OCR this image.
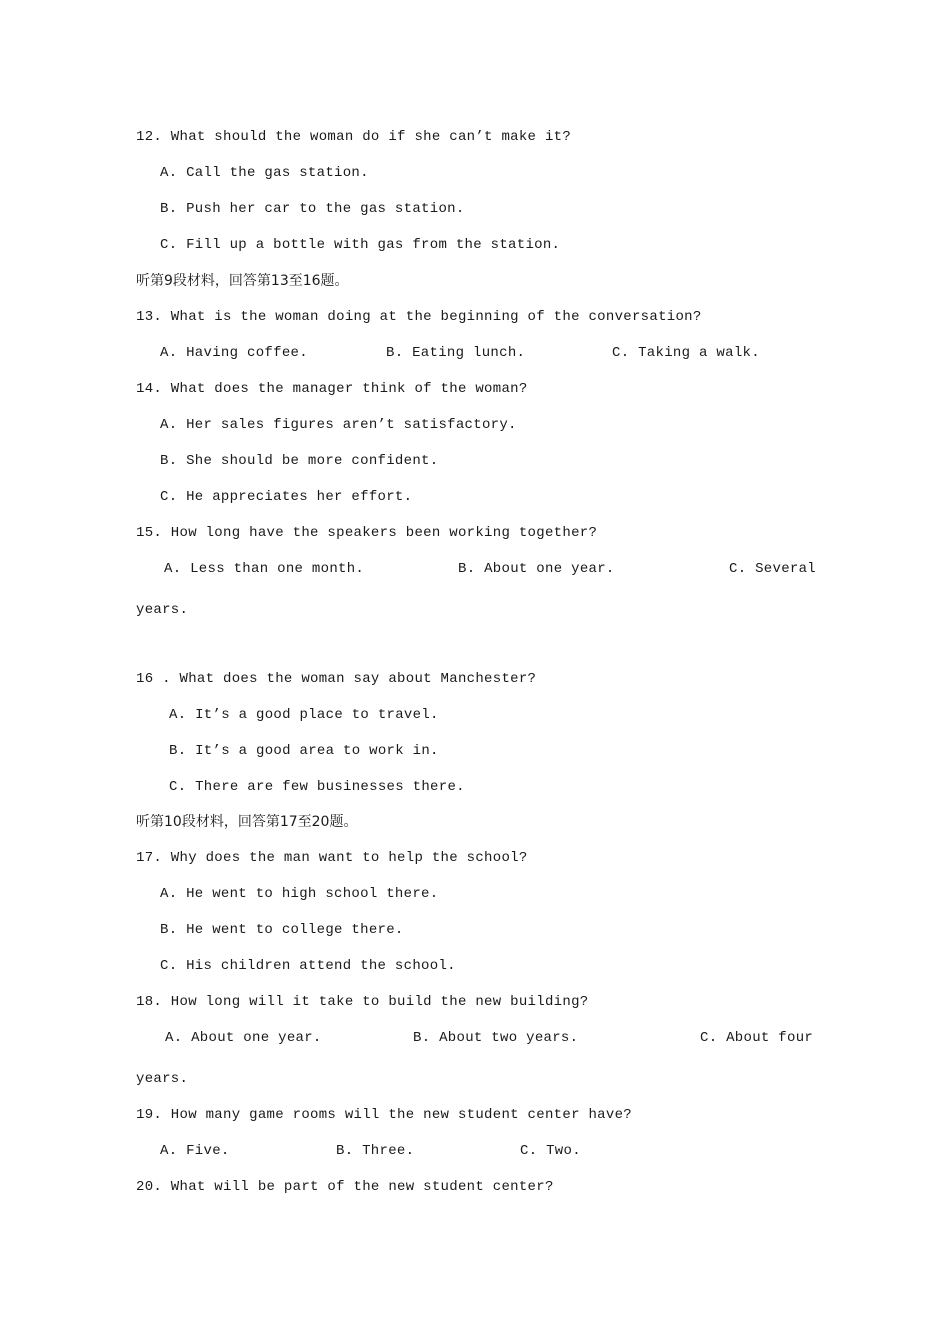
12. What should the woman do if she can’t make it?
A. Call the gas station.
B. Push her car to the gas station.
C. Fill up a bottle with gas from the station.
听第9段材料，回答第13至16题。
13. What is the woman doing at the beginning of the conversation?
A. Having coffee.	B. Eating lunch.	C. Taking a walk.
14. What does the manager think of the woman?
A. Her sales figures aren’t satisfactory.
B. She should be more confident.
C. He appreciates her effort.
15. How long have the speakers been working together?
A. Less than one month.	B. About one year.	C. Several
years.
16 . What does the woman say about Manchester?
A. It’s a good place to travel.
B. It’s a good area to work in.
C. There are few businesses there.
听第10段材料，回答第17至20题。
17. Why does the man want to help the school?
A. He went to high school there.
B. He went to college there.
C. His children attend the school.
18. How long will it take to build the new building?
A. About one year.	B. About two years.	C. About four
years.
19. How many game rooms will the new student center have?
A. Five.	B. Three.	C. Two.
20. What will be part of the new student center?
